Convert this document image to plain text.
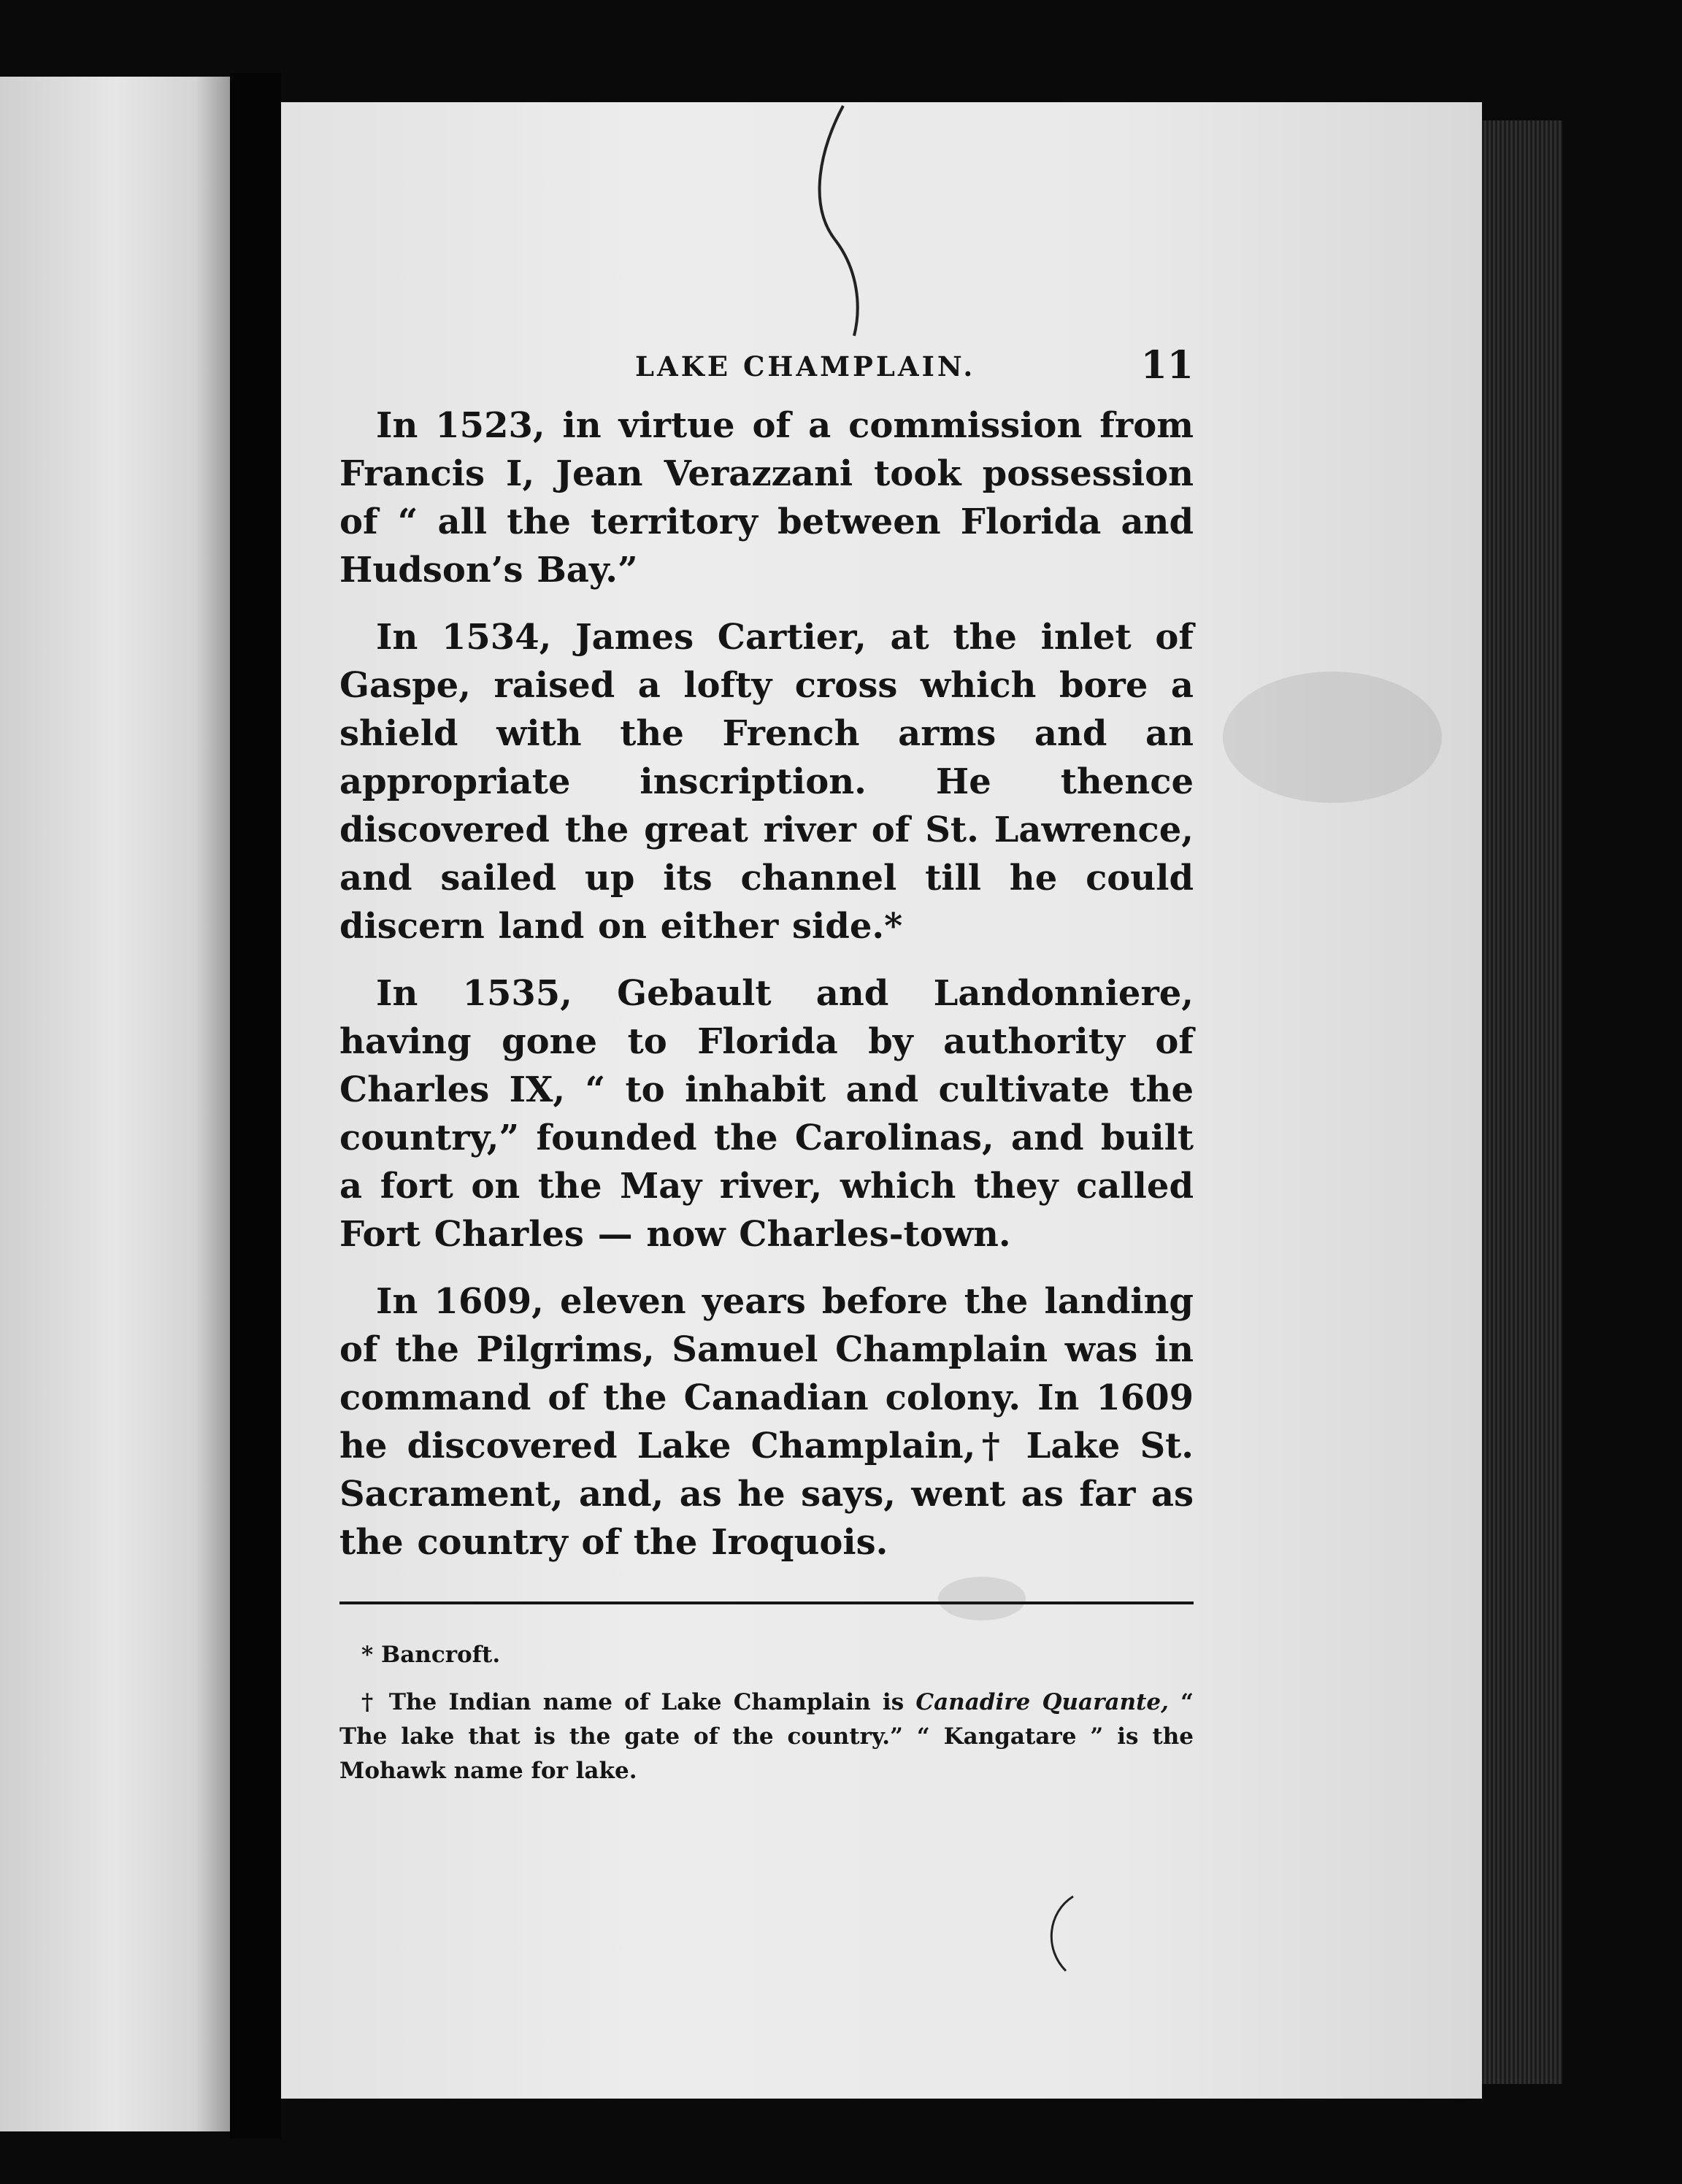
LAKE CHAMPLAIN.	11

In 1523, in virtue of a commission from Francis I, Jean Verazzani took possession of “ all the territory between Florida and Hudson’s Bay.”

In 1534, James Cartier, at the inlet of Gaspe, raised a lofty cross which bore a shield with the French arms and an appropriate inscription. He thence discovered the great river of St. Lawrence, and sailed up its channel till he could discern land on either side.*

In 1535, Gebault and Landonniere, having gone to Florida by authority of Charles IX, “ to inhabit and cultivate the country,” founded the Carolinas, and built a fort on the May river, which they called Fort Charles — now Charles-town.

In 1609, eleven years before the landing of the Pilgrims, Samuel Champlain was in command of the Canadian colony. In 1609 he discovered Lake Champlain,† Lake St. Sacrament, and, as he says, went as far as the country of the Iroquois.

* Bancroft.

† The Indian name of Lake Champlain is Canadire Quarante, “ The lake that is the gate of the country.” “ Kangatare ” is the Mohawk name for lake.
